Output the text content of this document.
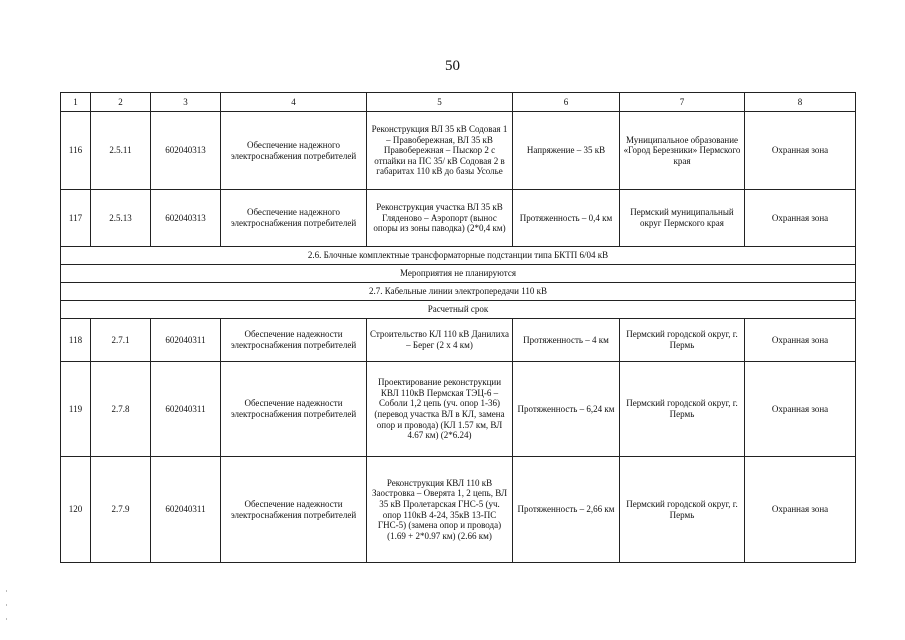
50
1	2	3	4	5	6	7	8
116	2.5.11	602040313	Обеспечение надежного электроснабжения потребителей	Реконструкция ВЛ 35 кВ Содовая 1 – Правобережная, ВЛ 35 кВ Правобережная – Пыскор 2 с отпайки на ПС 35/ кВ Содовая 2 в габаритах 110 кВ до базы Усолье	Напряжение – 35 кВ	Муниципальное образование «Город Березники» Пермского края	Охранная зона
117	2.5.13	602040313	Обеспечение надежного электроснабжения потребителей	Реконструкция участка ВЛ 35 кВ Гляденово – Аэропорт (вынос опоры из зоны паводка) (2*0,4 км)	Протяженность – 0,4 км	Пермский муниципальный округ Пермского края	Охранная зона
2.6. Блочные комплектные трансформаторные подстанции типа БКТП 6/04 кВ							
Мероприятия не планируются							
2.7. Кабельные линии электропередачи 110 кВ							
Расчетный срок							
118	2.7.1	602040311	Обеспечение надежности электроснабжения потребителей	Строительство КЛ 110 кВ Данилиха – Берег (2 х 4 км)	Протяженность – 4 км	Пермский городской округ, г. Пермь	Охранная зона
119	2.7.8	602040311	Обеспечение надежности электроснабжения потребителей	Проектирование реконструкции КВЛ 110кВ Пермская ТЭЦ-6 – Соболи 1,2 цепь (уч. опор 1-36) (перевод участка ВЛ в КЛ, замена опор и провода) (КЛ 1.57 км, ВЛ 4.67 км) (2*6.24)	Протяженность – 6,24 км	Пермский городской округ, г. Пермь	Охранная зона
120	2.7.9	602040311	Обеспечение надежности электроснабжения потребителей	Реконструкция КВЛ 110 кВ Заостровка – Оверята 1, 2 цепь, ВЛ 35 кВ Пролетарская ГНС-5 (уч. опор 110кВ 4-24, 35кВ 13-ПС ГНС-5) (замена опор и провода) (1.69 + 2*0.97 км) (2.66 км)	Протяженность – 2,66 км	Пермский городской округ, г. Пермь	Охранная зона
